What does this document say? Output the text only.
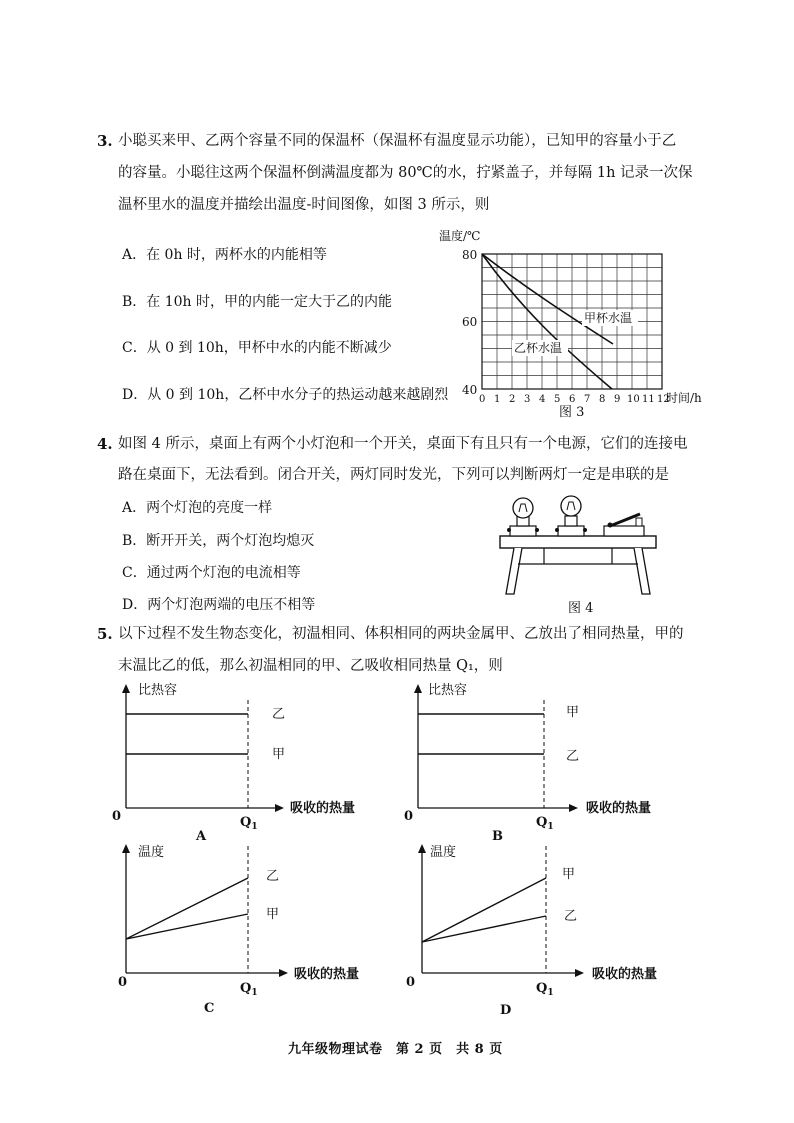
3. 小聪买来甲、乙两个容量不同的保温杯（保温杯有温度显示功能），已知甲的容量小于乙
的容量。小聪往这两个保温杯倒满温度都为 80℃的水，拧紧盖子，并每隔 1h 记录一次保
温杯里水的温度并描绘出温度-时间图像，如图 3 所示，则
A．在 0h 时，两杯水的内能相等
B．在 10h 时，甲的内能一定大于乙的内能
C．从 0 到 10h，甲杯中水的内能不断减少
D．从 0 到 10h，乙杯中水分子的热运动越来越剧烈
温度/℃
80
60
40
0 1 2 3 4 5 6 7 8 9 10 11 12
时间/h
甲杯水温
乙杯水温
图 3
4. 如图 4 所示，桌面上有两个小灯泡和一个开关，桌面下有且只有一个电源，它们的连接电
路在桌面下，无法看到。闭合开关，两灯同时发光，下列可以判断两灯一定是串联的是
A．两个灯泡的亮度一样
B．断开开关，两个灯泡均熄灭
C．通过两个灯泡的电流相等
D．两个灯泡两端的电压不相等	图 4
5. 以下过程不发生物态变化，初温相同、体积相同的两块金属甲、乙放出了相同热量，甲的
末温比乙的低，那么初温相同的甲、乙吸收相同热量 Q₁，则
比热容
乙
甲
0
吸收的热量
$Q_1$
A
比热容
甲
乙
0
吸收的热量
$Q_1$
B
温度
乙
甲
0
吸收的热量
$Q_1$
C
温度
甲
乙
0
吸收的热量
$Q_1$
D
九年级物理试卷　第 2 页　共 8 页
